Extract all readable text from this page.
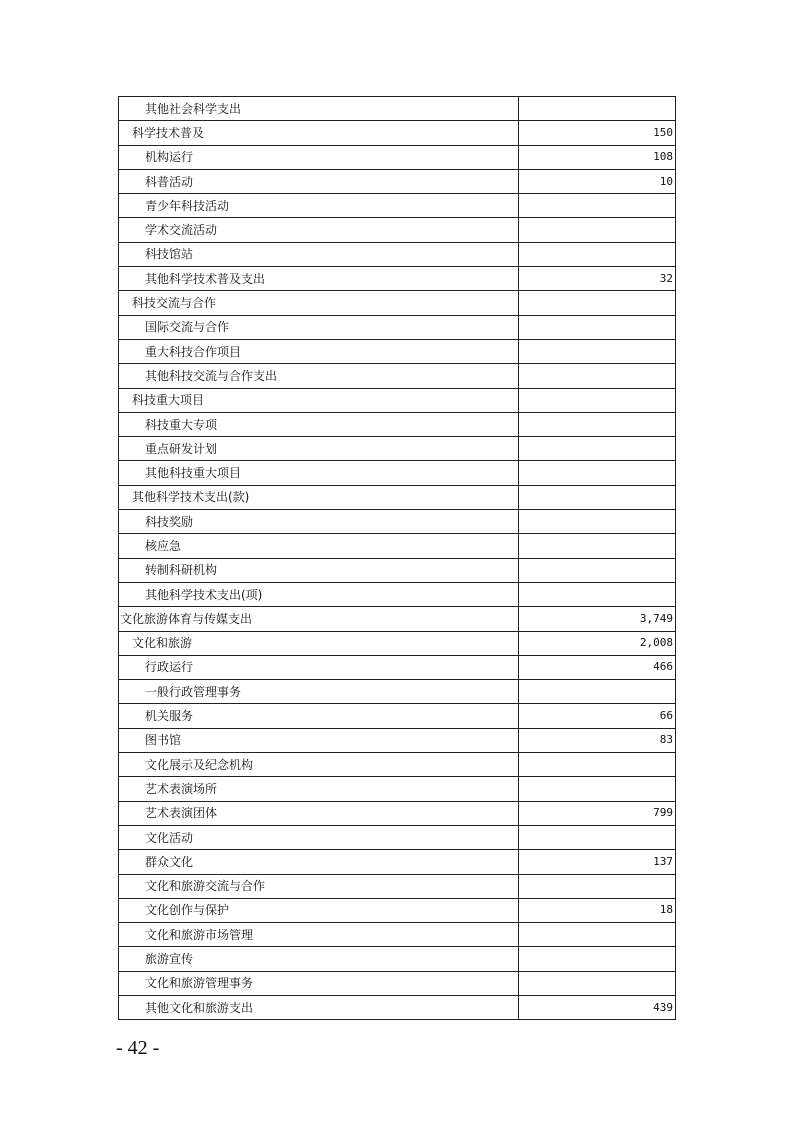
其他社会科学支出	
科学技术普及	150
机构运行	108
科普活动	10
青少年科技活动	
学术交流活动	
科技馆站	
其他科学技术普及支出	32
科技交流与合作	
国际交流与合作	
重大科技合作项目	
其他科技交流与合作支出	
科技重大项目	
科技重大专项	
重点研发计划	
其他科技重大项目	
其他科学技术支出(款)	
科技奖励	
核应急	
转制科研机构	
其他科学技术支出(项)	
文化旅游体育与传媒支出	3,749
文化和旅游	2,008
行政运行	466
一般行政管理事务	
机关服务	66
图书馆	83
文化展示及纪念机构	
艺术表演场所	
艺术表演团体	799
文化活动	
群众文化	137
文化和旅游交流与合作	
文化创作与保护	18
文化和旅游市场管理	
旅游宣传	
文化和旅游管理事务	
其他文化和旅游支出	439
- 42 -
